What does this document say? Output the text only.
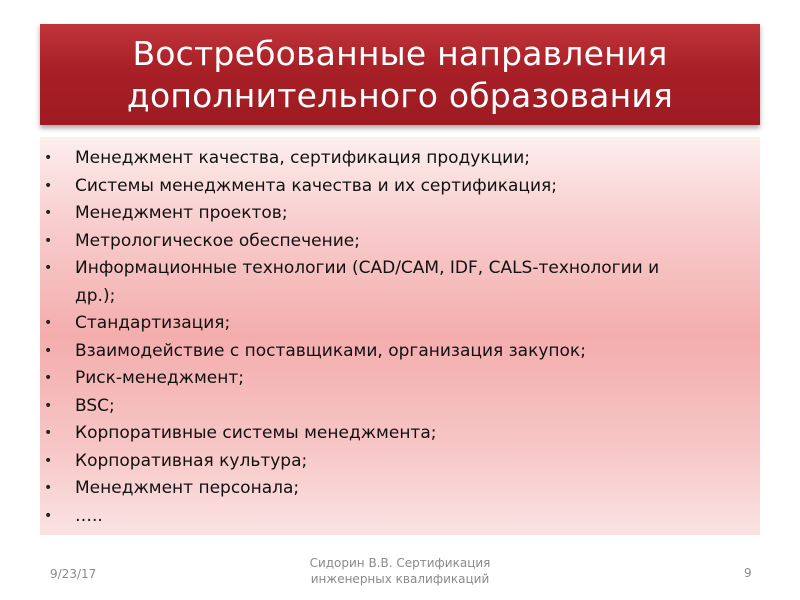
Востребованные направления
дополнительного образования
• Менеджмент качества, сертификация продукции;
• Системы менеджмента качества и их сертификация;
• Менеджмент проектов;
• Метрологическое обеспечение;
• Информационные технологии (CAD/CAM, IDF, CALS-технологии и др.);
• Стандартизация;
• Взаимодействие с поставщиками, организация закупок;
• Риск-менеджмент;
• BSC;
• Корпоративные системы менеджмента;
• Корпоративная культура;
• Менеджмент персонала;
• …..
9/23/17
Сидорин В.В. Сертификация
инженерных квалификаций	9
